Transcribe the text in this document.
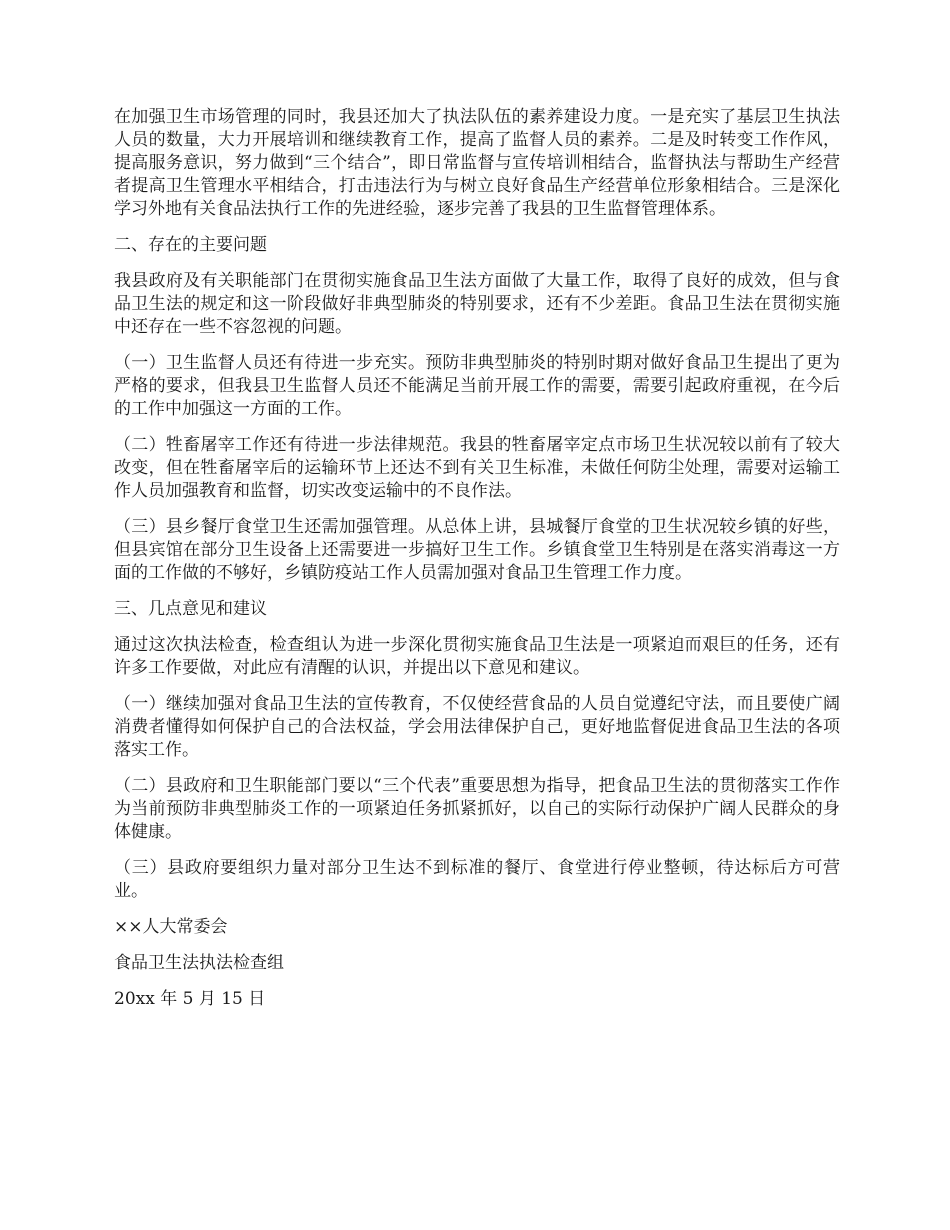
在加强卫生市场管理的同时，我县还加大了执法队伍的素养建设力度。一是充实了基层卫生执法人员的数量，大力开展培训和继续教育工作，提高了监督人员的素养。二是及时转变工作作风，提高服务意识，努力做到“三个结合”，即日常监督与宣传培训相结合，监督执法与帮助生产经营者提高卫生管理水平相结合，打击违法行为与树立良好食品生产经营单位形象相结合。三是深化学习外地有关食品法执行工作的先进经验，逐步完善了我县的卫生监督管理体系。

二、存在的主要问题

我县政府及有关职能部门在贯彻实施食品卫生法方面做了大量工作，取得了良好的成效，但与食品卫生法的规定和这一阶段做好非典型肺炎的特别要求，还有不少差距。食品卫生法在贯彻实施中还存在一些不容忽视的问题。

（一）卫生监督人员还有待进一步充实。预防非典型肺炎的特别时期对做好食品卫生提出了更为严格的要求，但我县卫生监督人员还不能满足当前开展工作的需要，需要引起政府重视，在今后的工作中加强这一方面的工作。

（二）牲畜屠宰工作还有待进一步法律规范。我县的牲畜屠宰定点市场卫生状况较以前有了较大改变，但在牲畜屠宰后的运输环节上还达不到有关卫生标准，未做任何防尘处理，需要对运输工作人员加强教育和监督，切实改变运输中的不良作法。

（三）县乡餐厅食堂卫生还需加强管理。从总体上讲，县城餐厅食堂的卫生状况较乡镇的好些，但县宾馆在部分卫生设备上还需要进一步搞好卫生工作。乡镇食堂卫生特别是在落实消毒这一方面的工作做的不够好，乡镇防疫站工作人员需加强对食品卫生管理工作力度。

三、几点意见和建议

通过这次执法检查，检查组认为进一步深化贯彻实施食品卫生法是一项紧迫而艰巨的任务，还有许多工作要做，对此应有清醒的认识，并提出以下意见和建议。

（一）继续加强对食品卫生法的宣传教育，不仅使经营食品的人员自觉遵纪守法，而且要使广阔消费者懂得如何保护自己的合法权益，学会用法律保护自己，更好地监督促进食品卫生法的各项落实工作。

（二）县政府和卫生职能部门要以“三个代表”重要思想为指导，把食品卫生法的贯彻落实工作作为当前预防非典型肺炎工作的一项紧迫任务抓紧抓好，以自己的实际行动保护广阔人民群众的身体健康。

（三）县政府要组织力量对部分卫生达不到标准的餐厅、食堂进行停业整顿，待达标后方可营业。

××人大常委会

食品卫生法执法检查组

20xx 年 5 月 15 日
